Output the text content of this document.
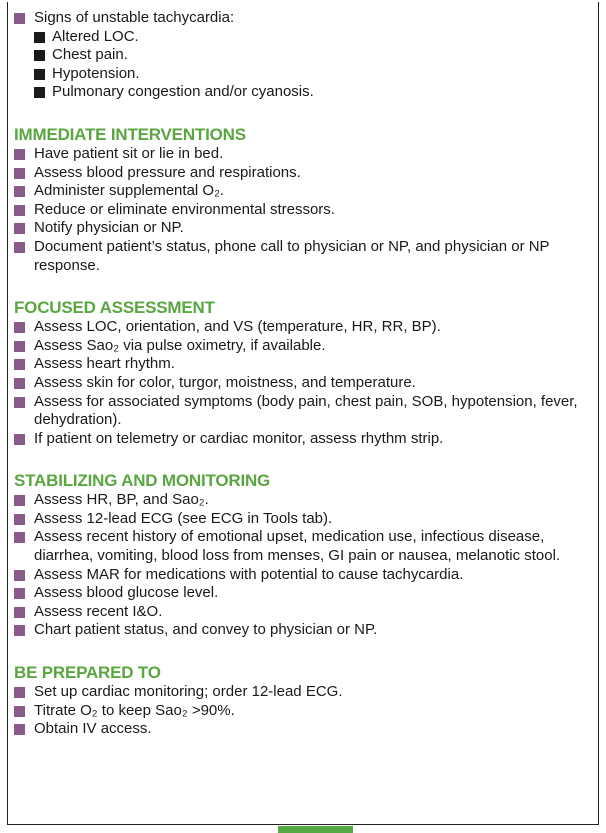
Signs of unstable tachycardia:
Altered LOC.
Chest pain.
Hypotension.
Pulmonary congestion and/or cyanosis.
IMMEDIATE INTERVENTIONS
Have patient sit or lie in bed.
Assess blood pressure and respirations.
Administer supplemental O₂.
Reduce or eliminate environmental stressors.
Notify physician or NP.
Document patient’s status, phone call to physician or NP, and physician or NP response.
FOCUSED ASSESSMENT
Assess LOC, orientation, and VS (temperature, HR, RR, BP).
Assess Saᴏ₂ via pulse oximetry, if available.
Assess heart rhythm.
Assess skin for color, turgor, moistness, and temperature.
Assess for associated symptoms (body pain, chest pain, SOB, hypotension, fever, dehydration).
If patient on telemetry or cardiac monitor, assess rhythm strip.
STABILIZING AND MONITORING
Assess HR, BP, and Saᴏ₂.
Assess 12-lead ECG (see ECG in Tools tab).
Assess recent history of emotional upset, medication use, infectious disease, diarrhea, vomiting, blood loss from menses, GI pain or nausea, melanotic stool.
Assess MAR for medications with potential to cause tachycardia.
Assess blood glucose level.
Assess recent I&O.
Chart patient status, and convey to physician or NP.
BE PREPARED TO
Set up cardiac monitoring; order 12-lead ECG.
Titrate O₂ to keep Saᴏ₂ >90%.
Obtain IV access.
